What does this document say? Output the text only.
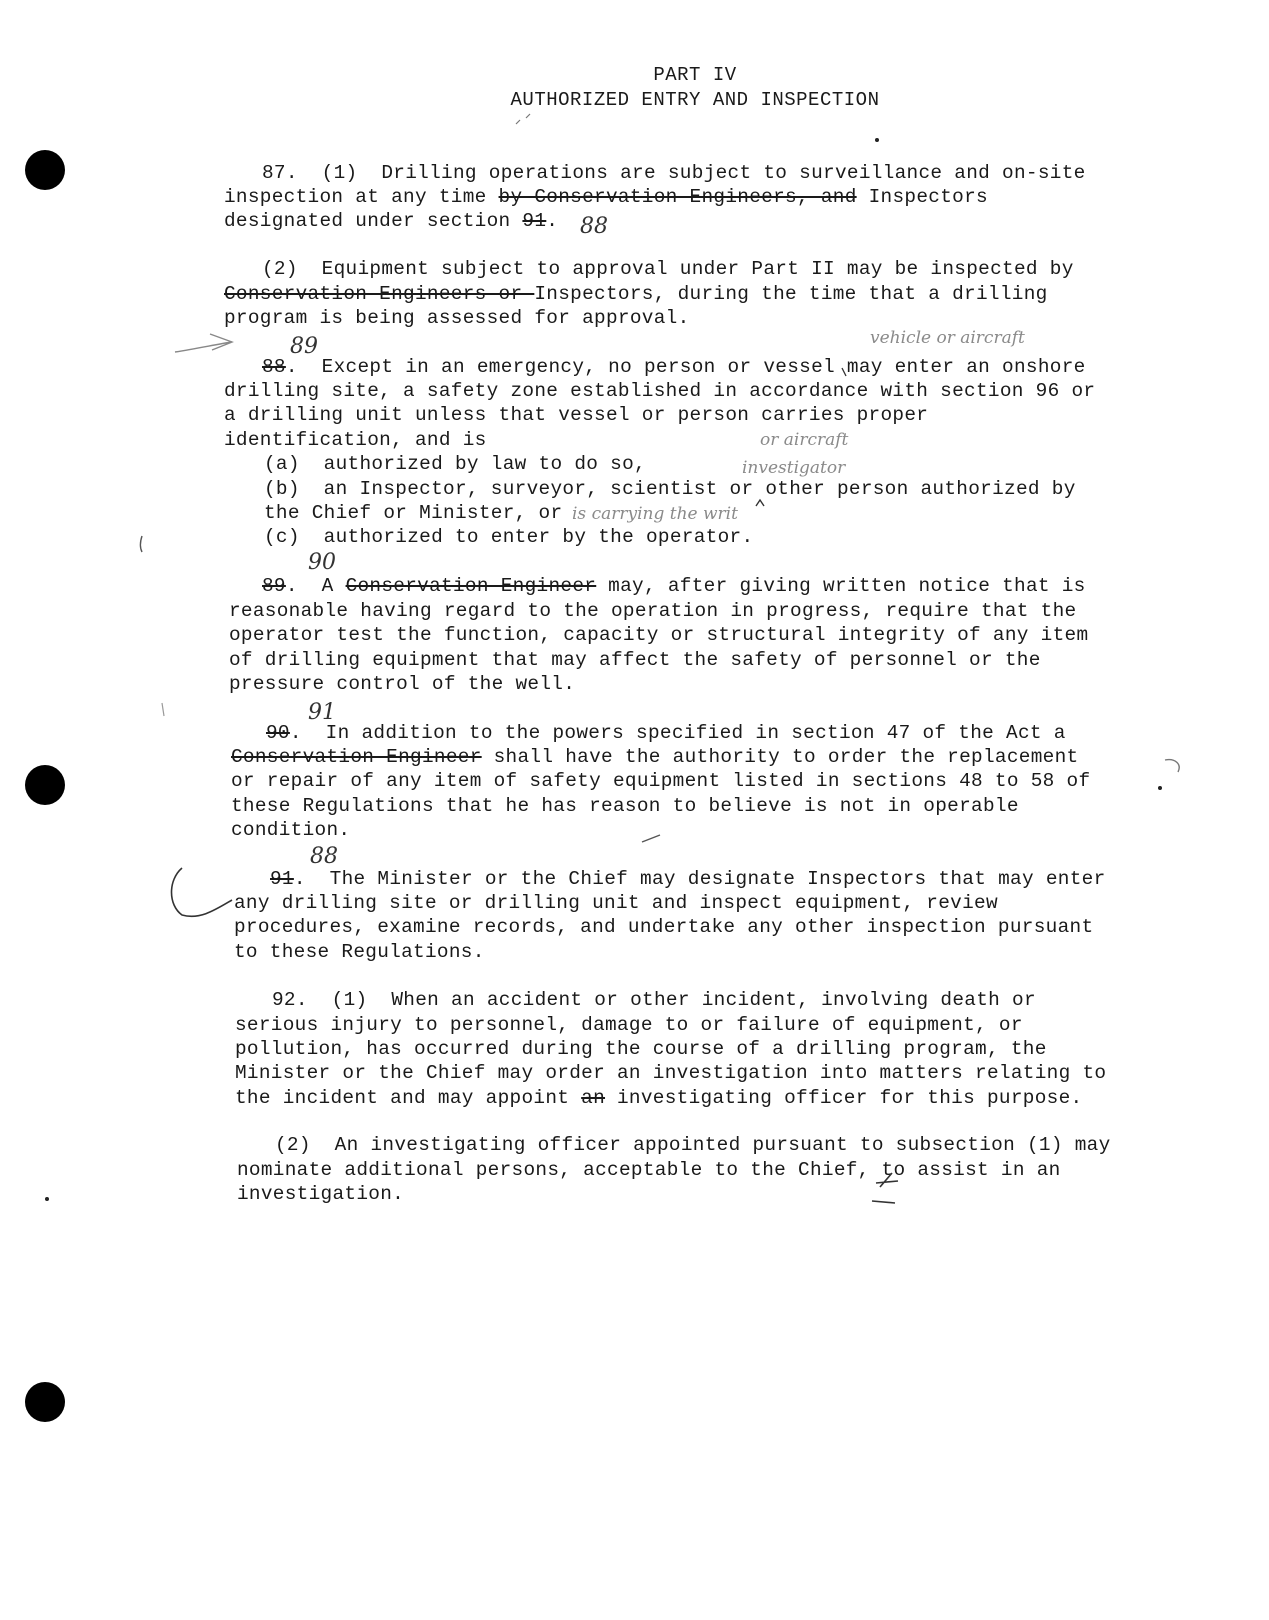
PART IV
AUTHORIZED ENTRY AND INSPECTION
87.  (1)  Drilling operations are subject to surveillance and on-site
inspection at any time by Conservation Engineers, and Inspectors
designated under section 91. 88
(2)  Equipment subject to approval under Part II may be inspected by
Conservation Engineers or Inspectors, during the time that a drilling
program is being assessed for approval.
88.  Except in an emergency, no person or vessel may enter an onshore
89	vehicle or aircraft
drilling site, a safety zone established in accordance with section 96 or
a drilling unit unless that vessel or person carries proper
identification, and is	or aircraft
(a)  authorized by law to do so,	investigator
(b)  an Inspector, surveyor, scientist or other person authorized by
the Chief or Minister, or is carrying the writ
(c)  authorized to enter by the operator.
89.  A Conservation Engineer may, after giving written notice that is
90
reasonable having regard to the operation in progress, require that the
operator test the function, capacity or structural integrity of any item
of drilling equipment that may affect the safety of personnel or the
pressure control of the well.
90.  In addition to the powers specified in section 47 of the Act a
91
Conservation Engineer shall have the authority to order the replacement
or repair of any item of safety equipment listed in sections 48 to 58 of
these Regulations that he has reason to believe is not in operable
condition.
91.  The Minister or the Chief may designate Inspectors that may enter
88
any drilling site or drilling unit and inspect equipment, review
procedures, examine records, and undertake any other inspection pursuant
to these Regulations.
92.  (1)  When an accident or other incident, involving death or
serious injury to personnel, damage to or failure of equipment, or
pollution, has occurred during the course of a drilling program, the
Minister or the Chief may order an investigation into matters relating to
the incident and may appoint an investigating officer for this purpose.
(2)  An investigating officer appointed pursuant to subsection (1) may
nominate additional persons, acceptable to the Chief, to assist in an
investigation.
